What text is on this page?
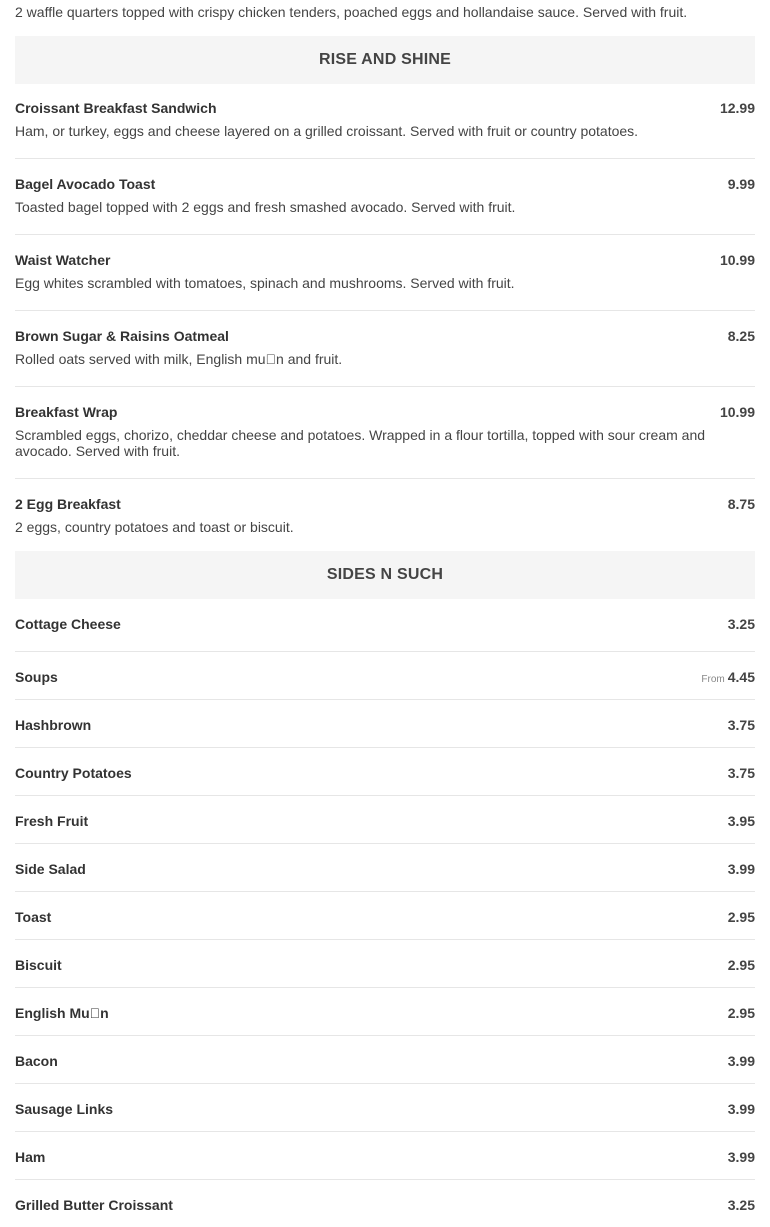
2 waffle quarters topped with crispy chicken tenders, poached eggs and hollandaise sauce. Served with fruit.
RISE AND SHINE
Croissant Breakfast Sandwich	12.99
Ham, or turkey, eggs and cheese layered on a grilled croissant. Served with fruit or country potatoes.
Bagel Avocado Toast	9.99
Toasted bagel topped with 2 eggs and fresh smashed avocado. Served with fruit.
Waist Watcher	10.99
Egg whites scrambled with tomatoes, spinach and mushrooms. Served with fruit.
Brown Sugar & Raisins Oatmeal	8.25
Rolled oats served with milk, English mu n and fruit.
Breakfast Wrap	10.99
Scrambled eggs, chorizo, cheddar cheese and potatoes. Wrapped in a flour tortilla, topped with sour cream and avocado. Served with fruit.
2 Egg Breakfast	8.75
2 eggs, country potatoes and toast or biscuit.
SIDES N SUCH
Cottage Cheese	3.25
Soups	From 4.45
Hashbrown	3.75
Country Potatoes	3.75
Fresh Fruit	3.95
Side Salad	3.99
Toast	2.95
Biscuit	2.95
English Mu n	2.95
Bacon	3.99
Sausage Links	3.99
Ham	3.99
Grilled Butter Croissant	3.25
